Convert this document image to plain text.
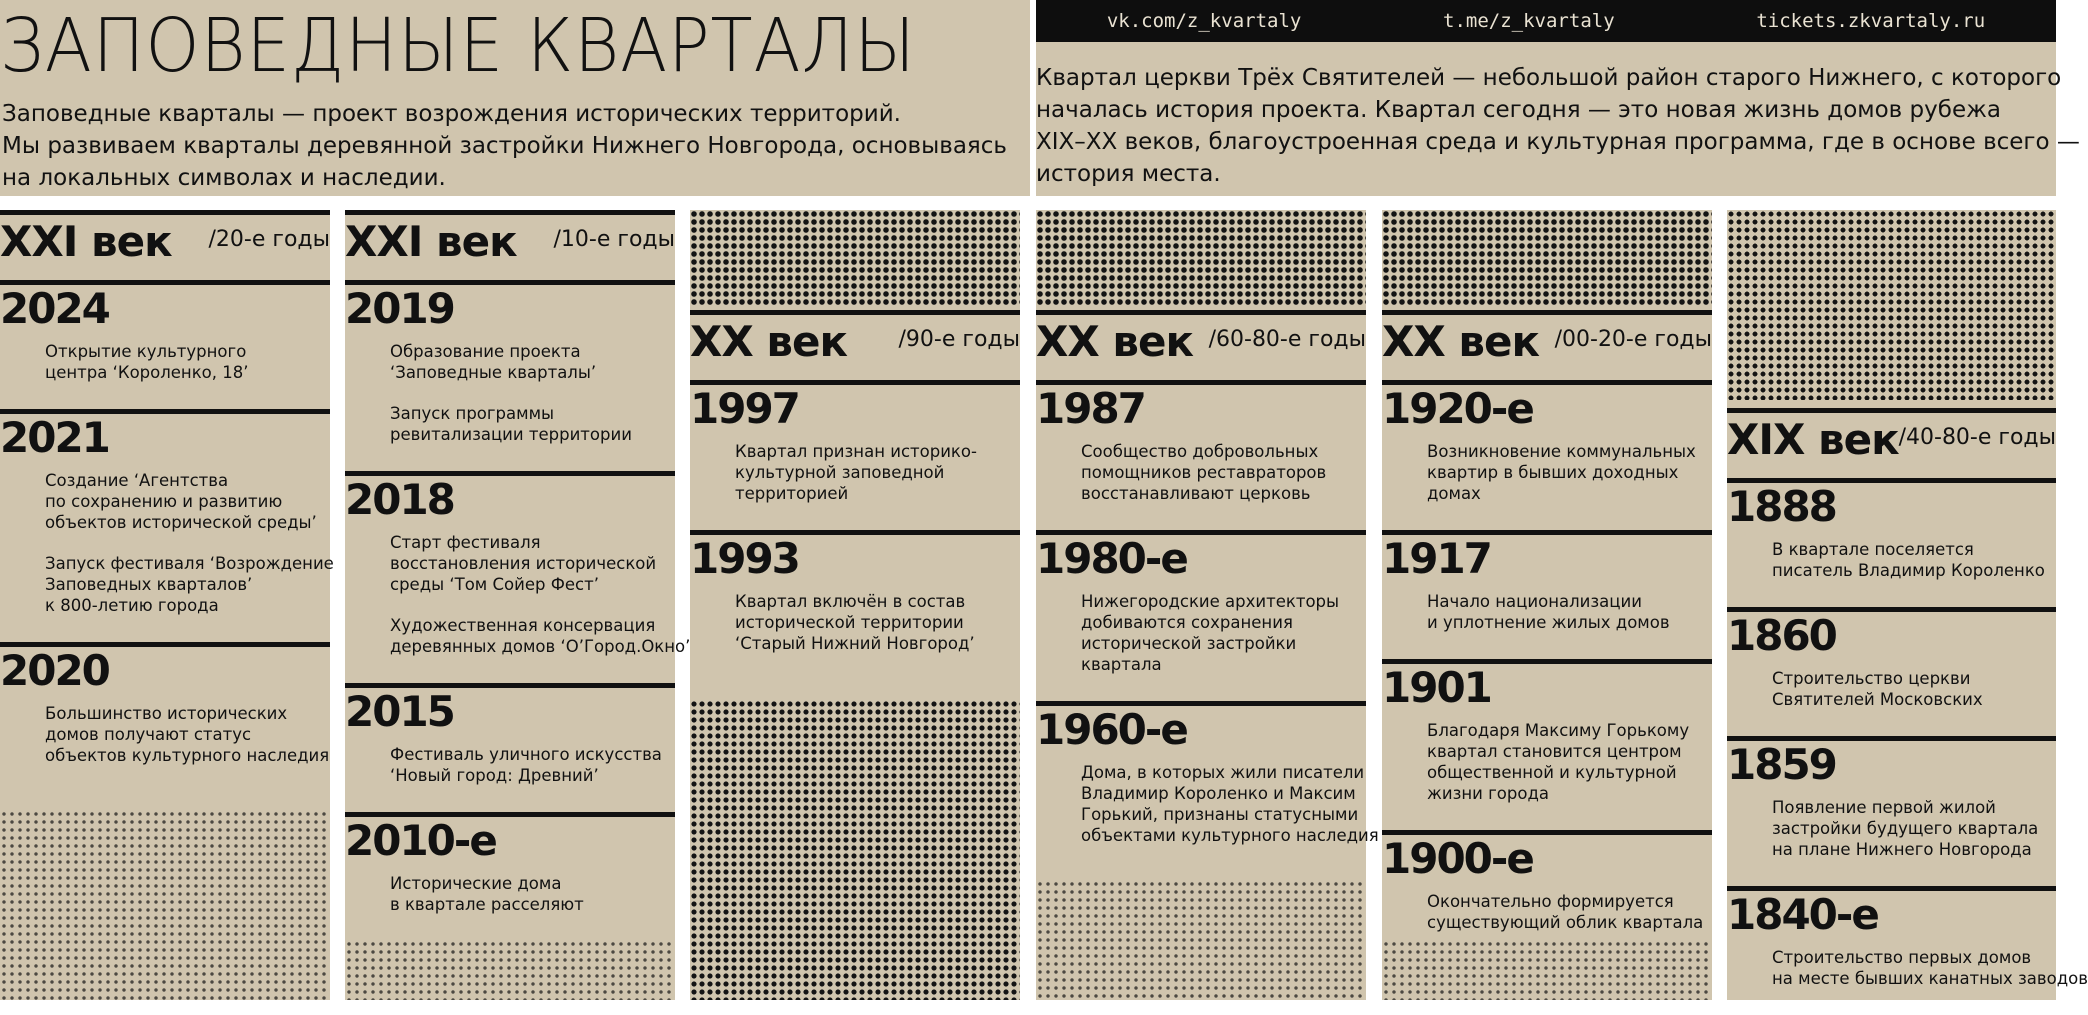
ЗАПОВЕДНЫЕ КВАРТАЛЫ
Заповедные кварталы — проект возрождения исторических территорий.
Мы развиваем кварталы деревянной застройки Нижнего Новгорода, основываясь
на локальных символах и наследии.
vk.com/z_kvartaly	t.me/z_kvartaly	tickets.zkvartaly.ru
Квартал церкви Трёх Святителей — небольшой район старого Нижнего, с которого
началась история проекта. Квартал сегодня — это новая жизнь домов рубежа
XIX–XX веков, благоустроенная среда и культурная программа, где в основе всего —
история места.
XXI век /20-е годы
2024
Открытие культурного
центра ‘Короленко, 18’
2021
Создание ‘Агентства
по сохранению и развитию
объектов исторической среды’
Запуск фестиваля ‘Возрождение
Заповедных кварталов’
к 800-летию города
2020
Большинство исторических
домов получают статус
объектов культурного наследия
XXI век /10-е годы
2019
Образование проекта
‘Заповедные кварталы’
Запуск программы
ревитализации территории
2018
Старт фестиваля
восстановления исторической
среды ‘Том Сойер Фест’
Художественная консервация
деревянных домов ‘О’Город.Окно’
2015
Фестиваль уличного искусства
‘Новый город: Древний’
2010-е
Исторические дома
в квартале расселяют
XX век /90-е годы
1997
Квартал признан историко-
культурной заповедной
территорией
1993
Квартал включён в состав
исторической территории
‘Старый Нижний Новгород’
XX век /60-80-е годы
1987
Сообщество добровольных
помощников реставраторов
восстанавливают церковь
1980-е
Нижегородские архитекторы
добиваются сохранения
исторической застройки
квартала
1960-е
Дома, в которых жили писатели
Владимир Короленко и Максим
Горький, признаны статусными
объектами культурного наследия
XX век /00-20-е годы
1920-е
Возникновение коммунальных
квартир в бывших доходных
домах
1917
Начало национализации
и уплотнение жилых домов
1901
Благодаря Максиму Горькому
квартал становится центром
общественной и культурной
жизни города
1900-е
Окончательно формируется
существующий облик квартала
XIX век /40-80-е годы
1888
В квартале поселяется
писатель Владимир Короленко
1860
Строительство церкви
Святителей Московских
1859
Появление первой жилой
застройки будущего квартала
на плане Нижнего Новгорода
1840-е
Строительство первых домов
на месте бывших канатных заводов
